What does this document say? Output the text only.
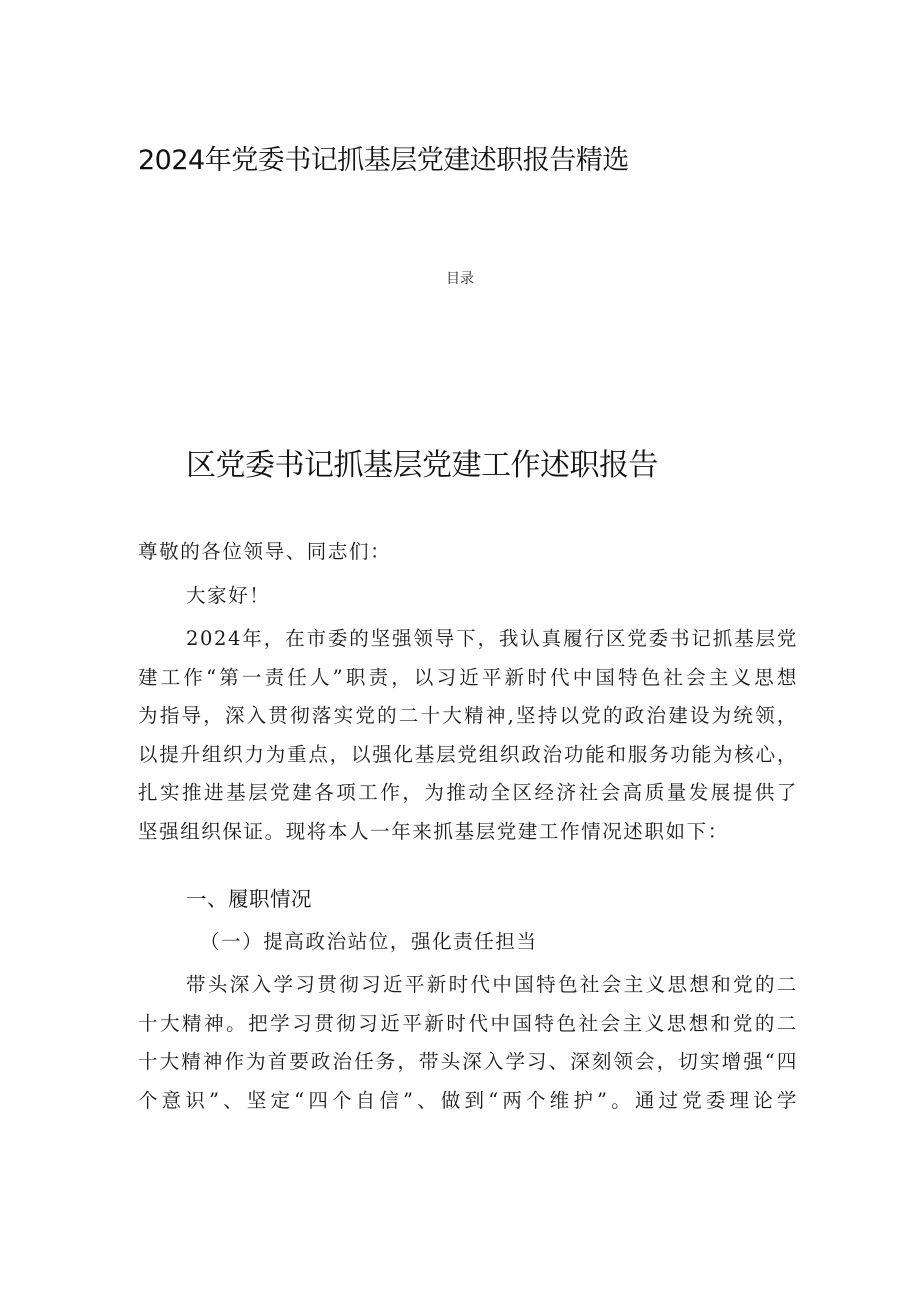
2024年党委书记抓基层党建述职报告精选
目录
区党委书记抓基层党建工作述职报告
尊敬的各位领导、同志们：
大家好！
2024年，在市委的坚强领导下，我认真履行区党委书记抓基层党
建工作“第一责任人”职责，以习近平新时代中国特色社会主义思想
为指导，深入贯彻落实党的二十大精神,坚持以党的政治建设为统领，
以提升组织力为重点，以强化基层党组织政治功能和服务功能为核心，
扎实推进基层党建各项工作，为推动全区经济社会高质量发展提供了
坚强组织保证。现将本人一年来抓基层党建工作情况述职如下：
一、履职情况
（一）提高政治站位，强化责任担当
带头深入学习贯彻习近平新时代中国特色社会主义思想和党的二
十大精神。把学习贯彻习近平新时代中国特色社会主义思想和党的二
十大精神作为首要政治任务，带头深入学习、深刻领会，切实增强“四
个意识”、坚定“四个自信”、做到“两个维护”。通过党委理论学
